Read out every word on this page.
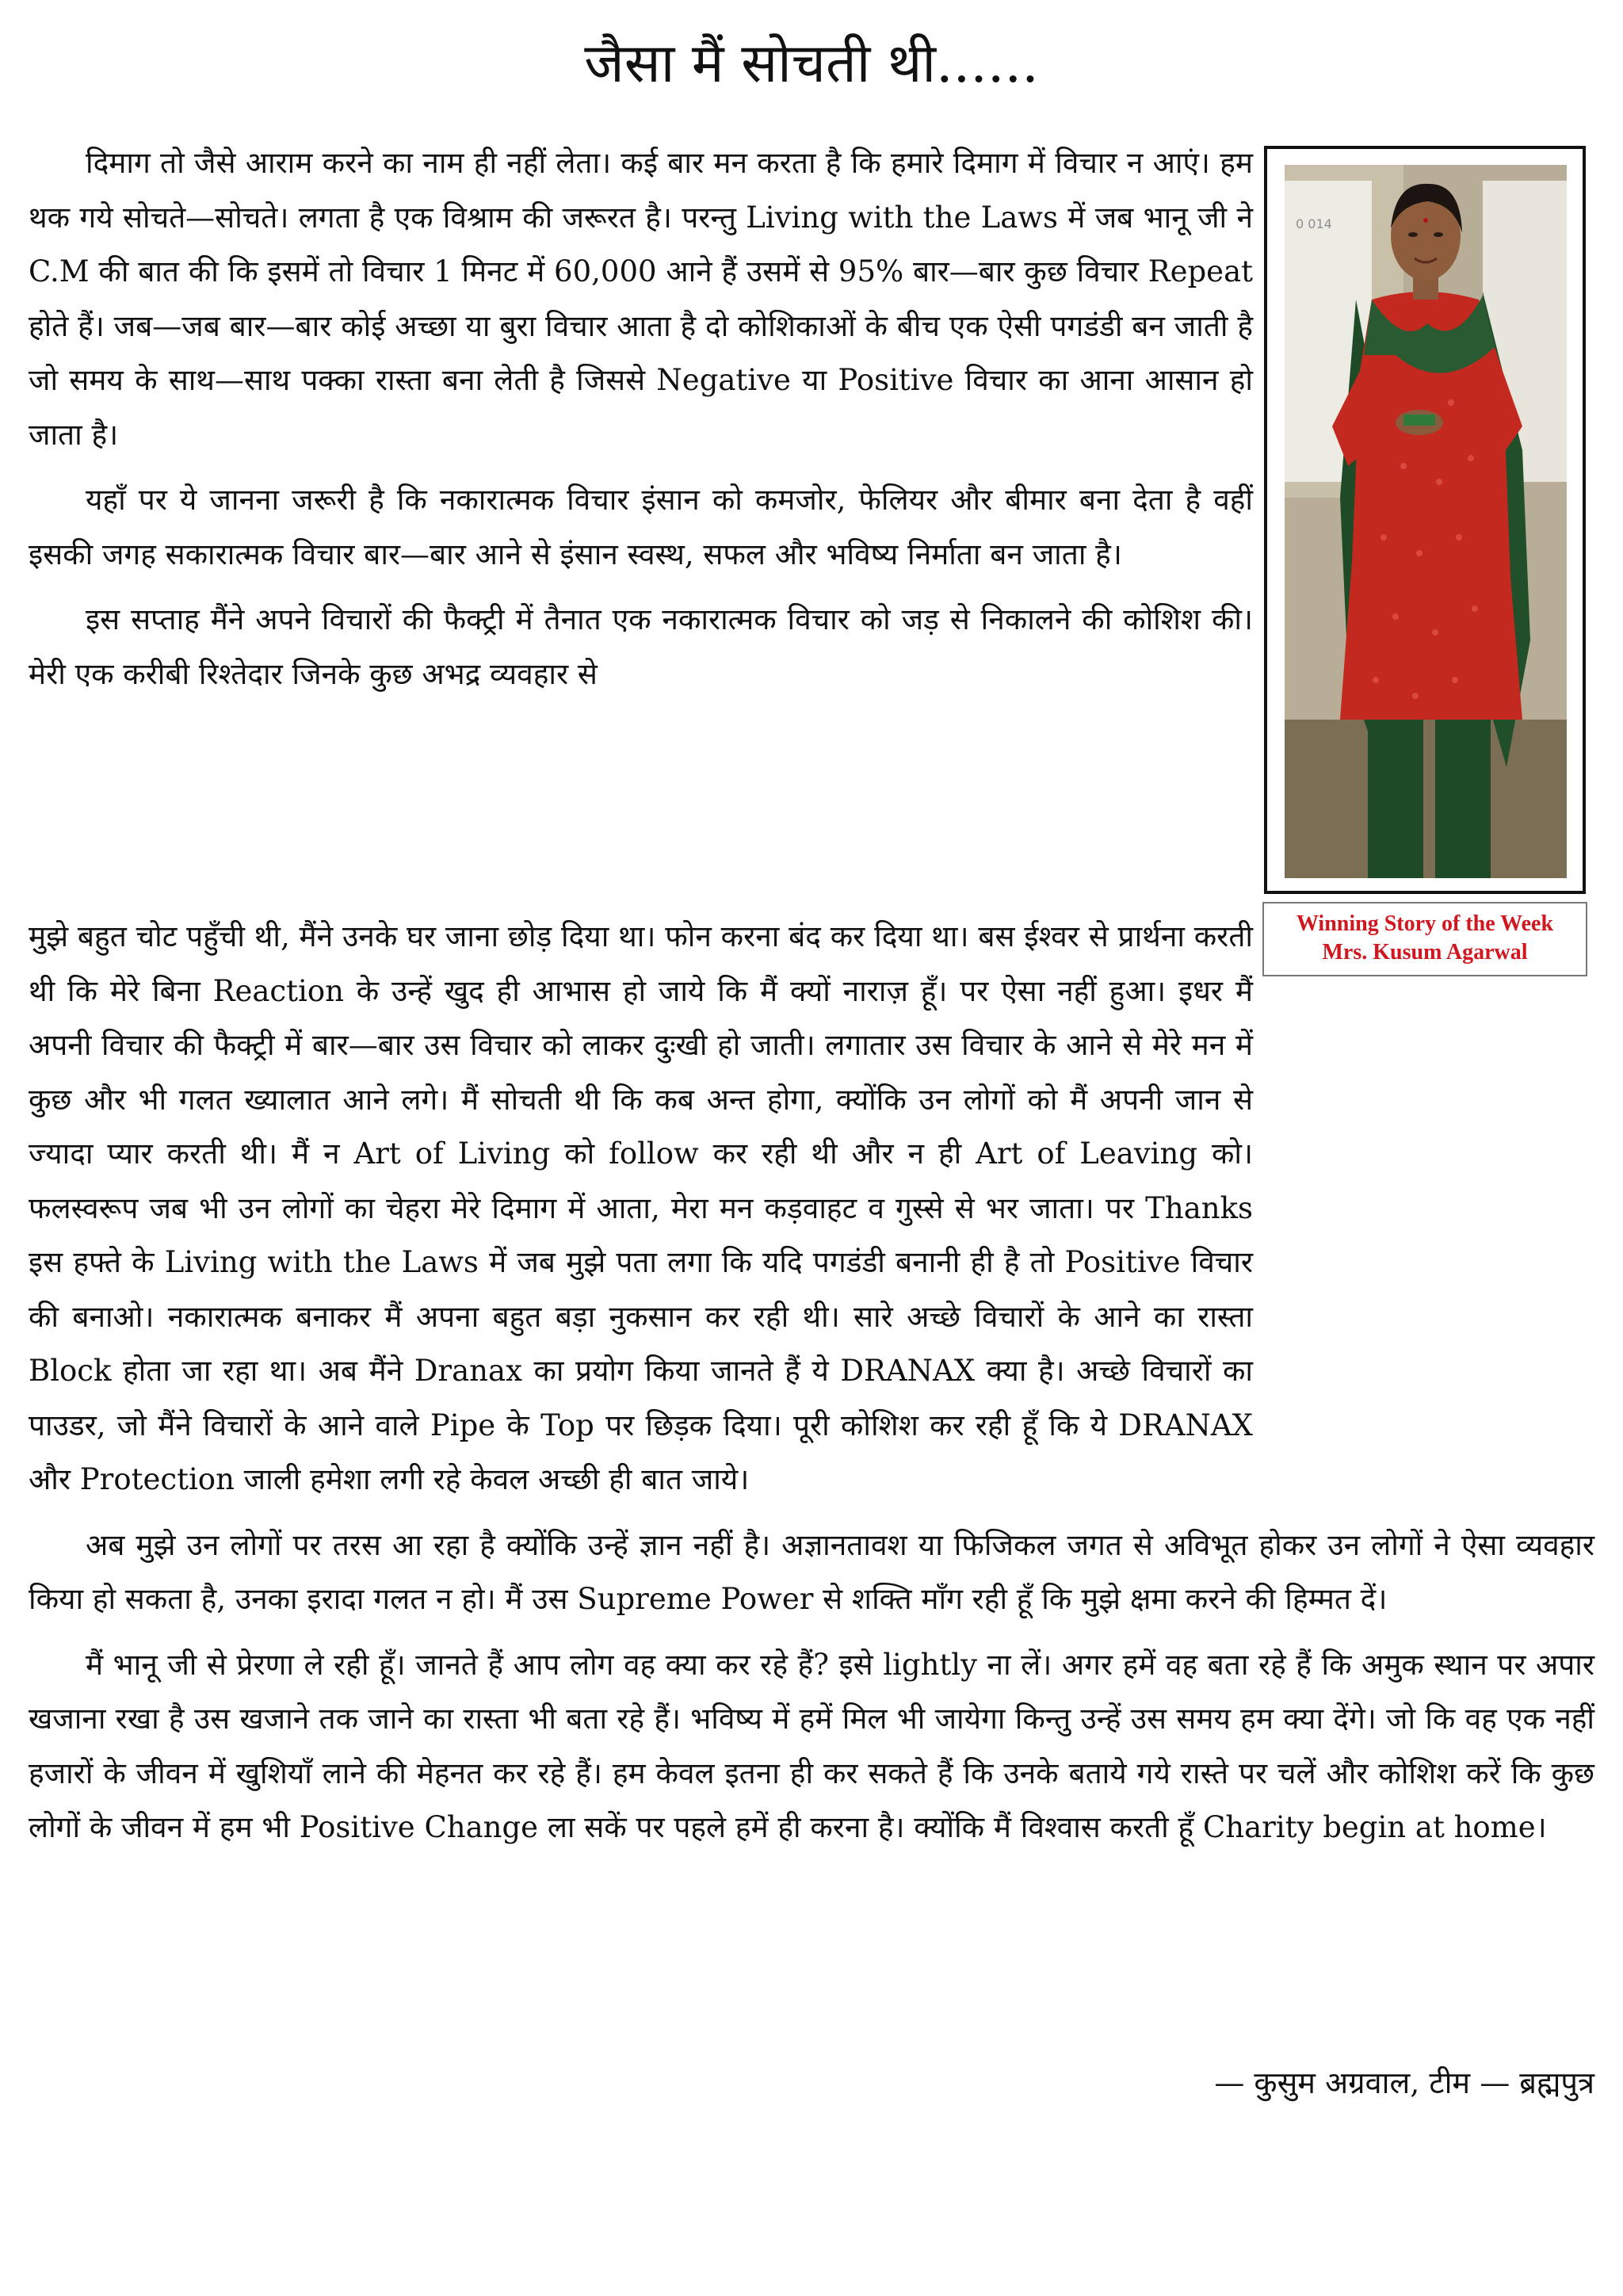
जैसा मैं सोचती थी......

दिमाग तो जैसे आराम करने का नाम ही नहीं लेता। कई बार मन करता है कि हमारे दिमाग में विचार न आएं। हम थक गये सोचते—सोचते। लगता है एक विश्राम की जरूरत है। परन्तु Living with the Laws में जब भानू जी ने C.M की बात की कि इसमें तो विचार 1 मिनट में 60,000 आने हैं उसमें से 95% बार—बार कुछ विचार Repeat होते हैं। जब—जब बार—बार कोई अच्छा या बुरा विचार आता है दो कोशिकाओं के बीच एक ऐसी पगडंडी बन जाती है जो समय के साथ—साथ पक्का रास्ता बना लेती है जिससे Negative या Positive विचार का आना आसान हो जाता है।

यहाँ पर ये जानना जरूरी है कि नकारात्मक विचार इंसान को कमजोर, फेलियर और बीमार बना देता है वहीं इसकी जगह सकारात्मक विचार बार—बार आने से इंसान स्वस्थ, सफल और भविष्य निर्माता बन जाता है।

इस सप्ताह मैंने अपने विचारों की फैक्ट्री में तैनात एक नकारात्मक विचार को जड़ से निकालने की कोशिश की। मेरी एक करीबी रिश्तेदार जिनके कुछ अभद्र व्यवहार से

0 014
Winning Story of the Week
Mrs. Kusum Agarwal

मुझे बहुत चोट पहुँची थी, मैंने उनके घर जाना छोड़ दिया था। फोन करना बंद कर दिया था। बस ईश्वर से प्रार्थना करती थी कि मेरे बिना Reaction के उन्हें खुद ही आभास हो जाये कि मैं क्यों नाराज़ हूँ। पर ऐसा नहीं हुआ। इधर मैं अपनी विचार की फैक्ट्री में बार—बार उस विचार को लाकर दुःखी हो जाती। लगातार उस विचार के आने से मेरे मन में कुछ और भी गलत ख्यालात आने लगे। मैं सोचती थी कि कब अन्त होगा, क्योंकि उन लोगों को मैं अपनी जान से ज्यादा प्यार करती थी। मैं न Art of Living को follow कर रही थी और न ही Art of Leaving को। फलस्वरूप जब भी उन लोगों का चेहरा मेरे दिमाग में आता, मेरा मन कड़वाहट व गुस्से से भर जाता। पर Thanks इस हफ्ते के Living with the Laws में जब मुझे पता लगा कि यदि पगडंडी बनानी ही है तो Positive विचार की बनाओ। नकारात्मक बनाकर मैं अपना बहुत बड़ा नुकसान कर रही थी। सारे अच्छे विचारों के आने का रास्ता Block होता जा रहा था। अब मैंने Dranax का प्रयोग किया जानते हैं ये DRANAX क्या है। अच्छे विचारों का पाउडर, जो मैंने विचारों के आने वाले Pipe के Top पर छिड़क दिया। पूरी कोशिश कर रही हूँ कि ये DRANAX और Protection जाली हमेशा लगी रहे केवल अच्छी ही बात जाये।

अब मुझे उन लोगों पर तरस आ रहा है क्योंकि उन्हें ज्ञान नहीं है। अज्ञानतावश या फिजिकल जगत से अविभूत होकर उन लोगों ने ऐसा व्यवहार किया हो सकता है, उनका इरादा गलत न हो। मैं उस Supreme Power से शक्ति माँग रही हूँ कि मुझे क्षमा करने की हिम्मत दें।

मैं भानू जी से प्रेरणा ले रही हूँ। जानते हैं आप लोग वह क्या कर रहे हैं? इसे lightly ना लें। अगर हमें वह बता रहे हैं कि अमुक स्थान पर अपार खजाना रखा है उस खजाने तक जाने का रास्ता भी बता रहे हैं। भविष्य में हमें मिल भी जायेगा किन्तु उन्हें उस समय हम क्या देंगे। जो कि वह एक नहीं हजारों के जीवन में खुशियाँ लाने की मेहनत कर रहे हैं। हम केवल इतना ही कर सकते हैं कि उनके बताये गये रास्ते पर चलें और कोशिश करें कि कुछ लोगों के जीवन में हम भी Positive Change ला सकें पर पहले हमें ही करना है। क्योंकि मैं विश्वास करती हूँ Charity begin at home।

— कुसुम अग्रवाल, टीम — ब्रह्मपुत्र
